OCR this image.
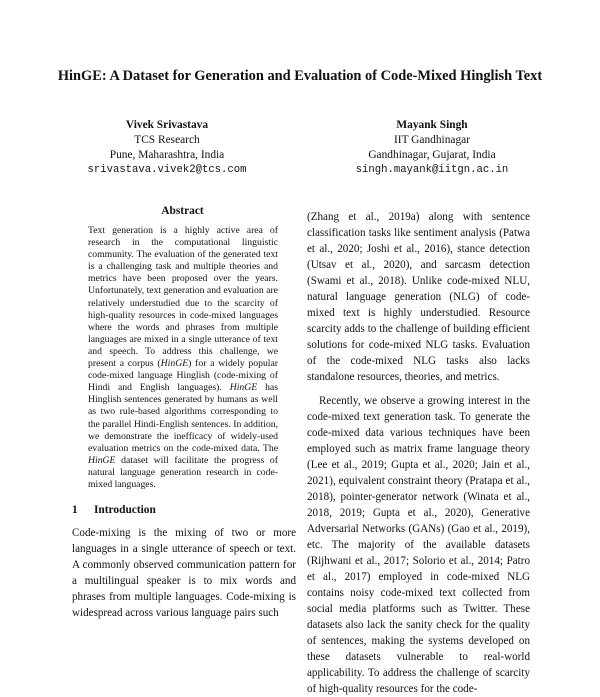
HinGE: A Dataset for Generation and Evaluation of Code-Mixed Hinglish Text
Vivek Srivastava
TCS Research
Pune, Maharashtra, India
srivastava.vivek2@tcs.com
Mayank Singh
IIT Gandhinagar
Gandhinagar, Gujarat, India
singh.mayank@iitgn.ac.in
Abstract
Text generation is a highly active area of research in the computational linguistic community. The evaluation of the generated text is a challenging task and multiple theories and metrics have been proposed over the years. Unfortunately, text generation and evaluation are relatively understudied due to the scarcity of high-quality resources in code-mixed languages where the words and phrases from multiple languages are mixed in a single utterance of text and speech. To address this challenge, we present a corpus (HinGE) for a widely popular code-mixed language Hinglish (code-mixing of Hindi and English languages). HinGE has Hinglish sentences generated by humans as well as two rule-based algorithms corresponding to the parallel Hindi-English sentences. In addition, we demonstrate the inefficacy of widely-used evaluation metrics on the code-mixed data. The HinGE dataset will facilitate the progress of natural language generation research in code-mixed languages.
1 Introduction

Code-mixing is the mixing of two or more languages in a single utterance of speech or text. A commonly observed communication pattern for a multilingual speaker is to mix words and phrases from multiple languages. Code-mixing is widespread across various language pairs such

(Zhang et al., 2019a) along with sentence classification tasks like sentiment analysis (Patwa et al., 2020; Joshi et al., 2016), stance detection (Utsav et al., 2020), and sarcasm detection (Swami et al., 2018). Unlike code-mixed NLU, natural language generation (NLG) of code-mixed text is highly understudied. Resource scarcity adds to the challenge of building efficient solutions for code-mixed NLG tasks. Evaluation of the code-mixed NLG tasks also lacks standalone resources, theories, and metrics.

Recently, we observe a growing interest in the code-mixed text generation task. To generate the code-mixed data various techniques have been employed such as matrix frame language theory (Lee et al., 2019; Gupta et al., 2020; Jain et al., 2021), equivalent constraint theory (Pratapa et al., 2018), pointer-generator network (Winata et al., 2018, 2019; Gupta et al., 2020), Generative Adversarial Networks (GANs) (Gao et al., 2019), etc. The majority of the available datasets (Rijhwani et al., 2017; Solorio et al., 2014; Patro et al., 2017) employed in code-mixed NLG contains noisy code-mixed text collected from social media platforms such as Twitter. These datasets also lack the sanity check for the quality of sentences, making the systems developed on these datasets vulnerable to real-world applicability. To address the challenge of scarcity of high-quality resources for the code-
